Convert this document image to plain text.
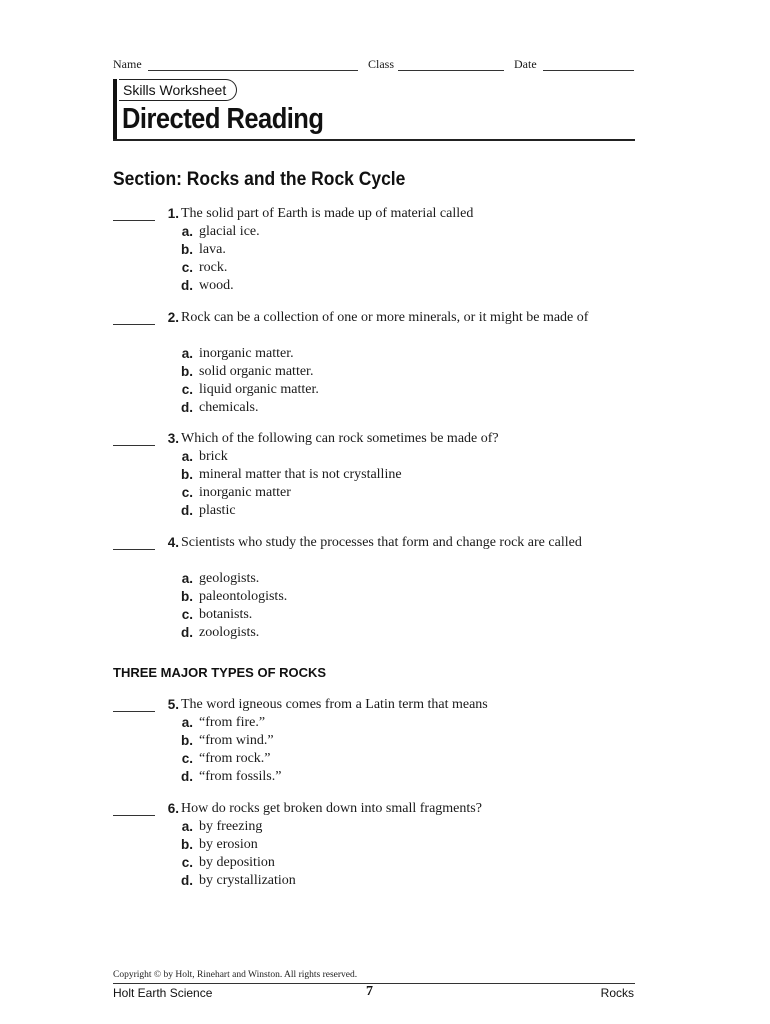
Name	Class	Date
Skills Worksheet
Directed Reading
Section: Rocks and the Rock Cycle
1. The solid part of Earth is made up of material called
a. glacial ice.
b. lava.
c. rock.
d. wood.
2. Rock can be a collection of one or more minerals, or it might be made of
a. inorganic matter.
b. solid organic matter.
c. liquid organic matter.
d. chemicals.
3. Which of the following can rock sometimes be made of?
a. brick
b. mineral matter that is not crystalline
c. inorganic matter
d. plastic
4. Scientists who study the processes that form and change rock are called
a. geologists.
b. paleontologists.
c. botanists.
d. zoologists.
THREE MAJOR TYPES OF ROCKS
5. The word igneous comes from a Latin term that means
a. “from fire.”
b. “from wind.”
c. “from rock.”
d. “from fossils.”
6. How do rocks get broken down into small fragments?
a. by freezing
b. by erosion
c. by deposition
d. by crystallization
Copyright © by Holt, Rinehart and Winston. All rights reserved.
Holt Earth Science	7	Rocks
